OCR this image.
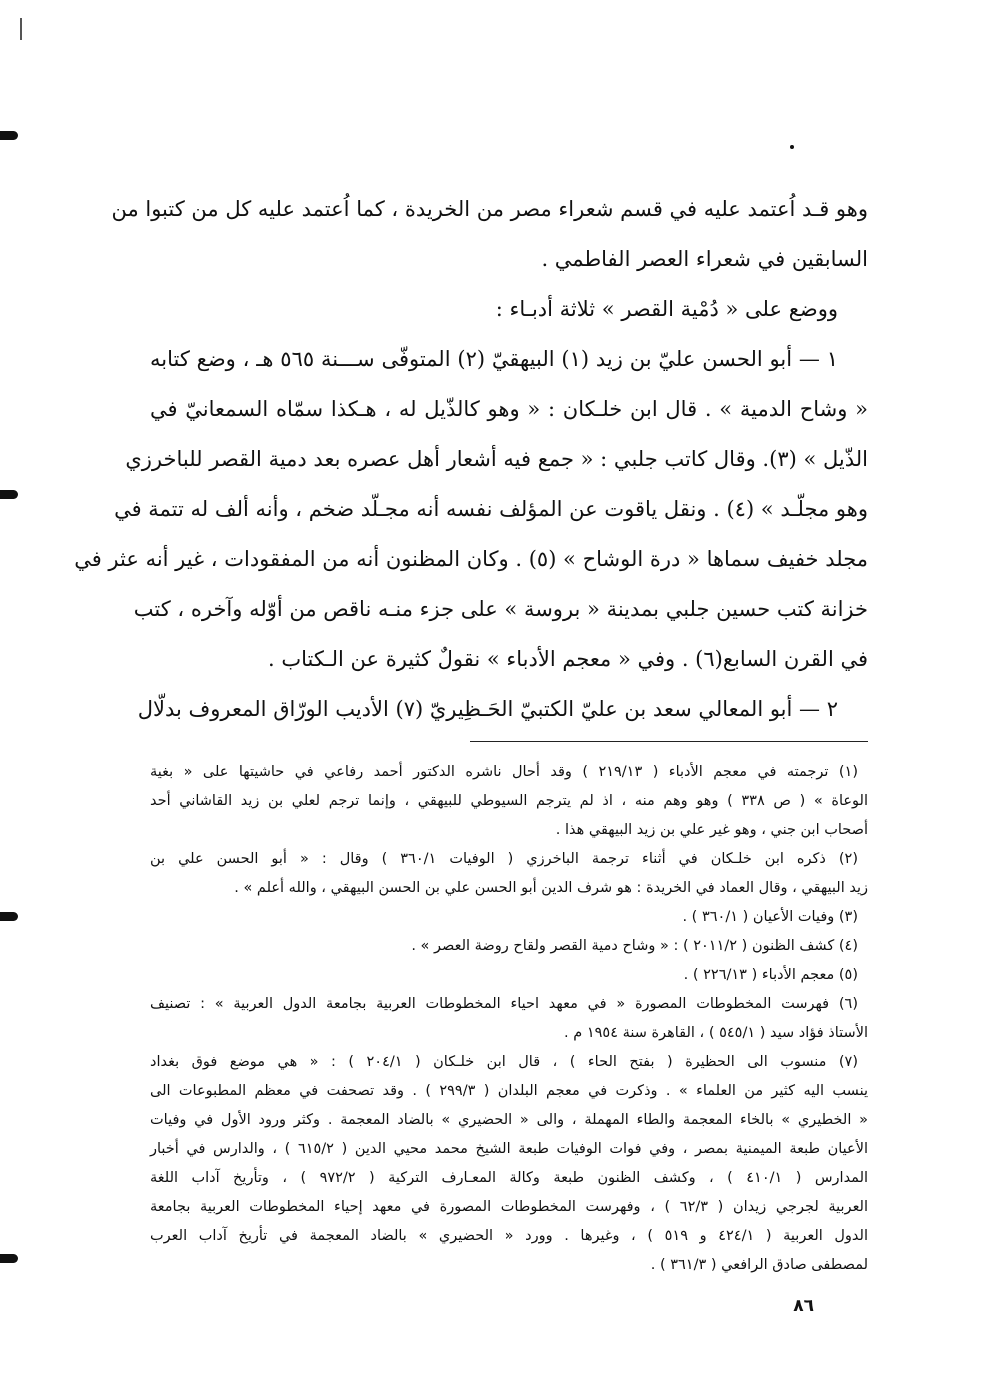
وهو قـد اُعتمد عليه في قسم شعراء مصر من الخريدة ، كما اُعتمد عليه كل من كتبوا من
السابقين في شعراء العصر الفاطمي .
ووضع على « دُمْية القصر » ثلاثة أدبـاء :
١ — أبو الحسن عليّ بن زيد (١) البيهقيّ (٢) المتوفّى ســـنة ٥٦٥ هـ ، وضع كتابه
« وشاح الدمية » . قال ابن خلـكان : « وهو كالذّيل له ، هـكذا سمّاه السمعانيّ في
الذّيل » (٣). وقال كاتب جلبي : « جمع فيه أشعار أهل عصره بعد دمية القصر للباخرزي
وهو مجلّـد » (٤) . ونقل ياقوت عن المؤلف نفسه أنه مجـلّد ضخم ، وأنه ألف له تتمة في
مجلد خفيف سماها « درة الوشاح » (٥) . وكان المظنون أنه من المفقودات ، غير أنه عثر في
خزانة كتب حسين جلبي بمدينة « بروسة » على جزء منـه ناقص من أوّله وآخره ، كتب
في القرن السابع(٦) . وفي « معجم الأدباء » نقولٌ كثيرة عن الـكتاب .
٢ — أبو المعالي سعد بن عليّ الكتبيّ الحَـظِيريّ (٧) الأديب الورّاق المعروف بدلّال
(١) ترجمته في معجم الأدباء ( ٢١٩/١٣ ) وقد أحال ناشره الدكتور أحمد رفاعي في حاشيتها على « بغية
الوعاة » ( ص ٣٣٨ ) وهو وهم منه ، اذ لم يترجم السيوطي للبيهقي ، وإنما ترجم لعلي بن زيد القاشاني أحد
أصحاب ابن جني ، وهو غير علي بن زيد البيهقي هذا .
(٢) ذكره ابن خلـكان في أثناء ترجمة الباخرزي ( الوفيات ٣٦٠/١ ) وقال : « أبو الحسن علي بن
زيد البيهقي ، وقال العماد في الخريدة : هو شرف الدين أبو الحسن علي بن الحسن البيهقي ، والله أعلم » .
(٣) وفيات الأعيان ( ٣٦٠/١ ) .
(٤) كشف الظنون ( ٢٠١١/٢ ) : « وشاح دمية القصر ولقاح روضة العصر » .
(٥) معجم الأدباء ( ٢٢٦/١٣ ) .
(٦) فهرست المخطوطات المصورة « في معهد احياء المخطوطات العربية بجامعة الدول العربية » : تصنيف
الأستاذ فؤاد سيد ( ٥٤٥/١ ) ، القاهرة سنة ١٩٥٤ م .
(٧) منسوب الى الحظيرة ( بفتح الحاء ) ، قال ابن خلـكان ( ٢٠٤/١ ) : « هي موضع فوق بغداد
ينسب اليه كثير من العلماء » . وذكرت في معجم البلدان ( ٢٩٩/٣ ) . وقد تصحفت في معظم المطبوعات الى
« الخطيري » بالخاء المعجمة والطاء المهملة ، والى « الحضيري » بالضاد المعجمة . وكثر ورود الأول في وفيات
الأعيان طبعة الميمنية بمصر ، وفي فوات الوفيات طبعة الشيخ محمد محيي الدين ( ٦١٥/٢ ) ، والدارس في أخبار
المدارس ( ٤١٠/١ ) ، وكشف الظنون طبعة وكالة المعـارف التركية ( ٩٧٢/٢ ) ، وتأريخ آداب اللغة
العربية لجرجي زيدان ( ٦٢/٣ ) ، وفهرست المخطوطات المصورة في معهد إحياء المخطوطات العربية بجامعة
الدول العربية ( ٤٢٤/١ و ٥١٩ ) ، وغيرها . وورد « الحضيري » بالضاد المعجمة في تأريخ آداب العرب
لمصطفى صادق الرافعي ( ٣٦١/٣ ) .
٨٦
